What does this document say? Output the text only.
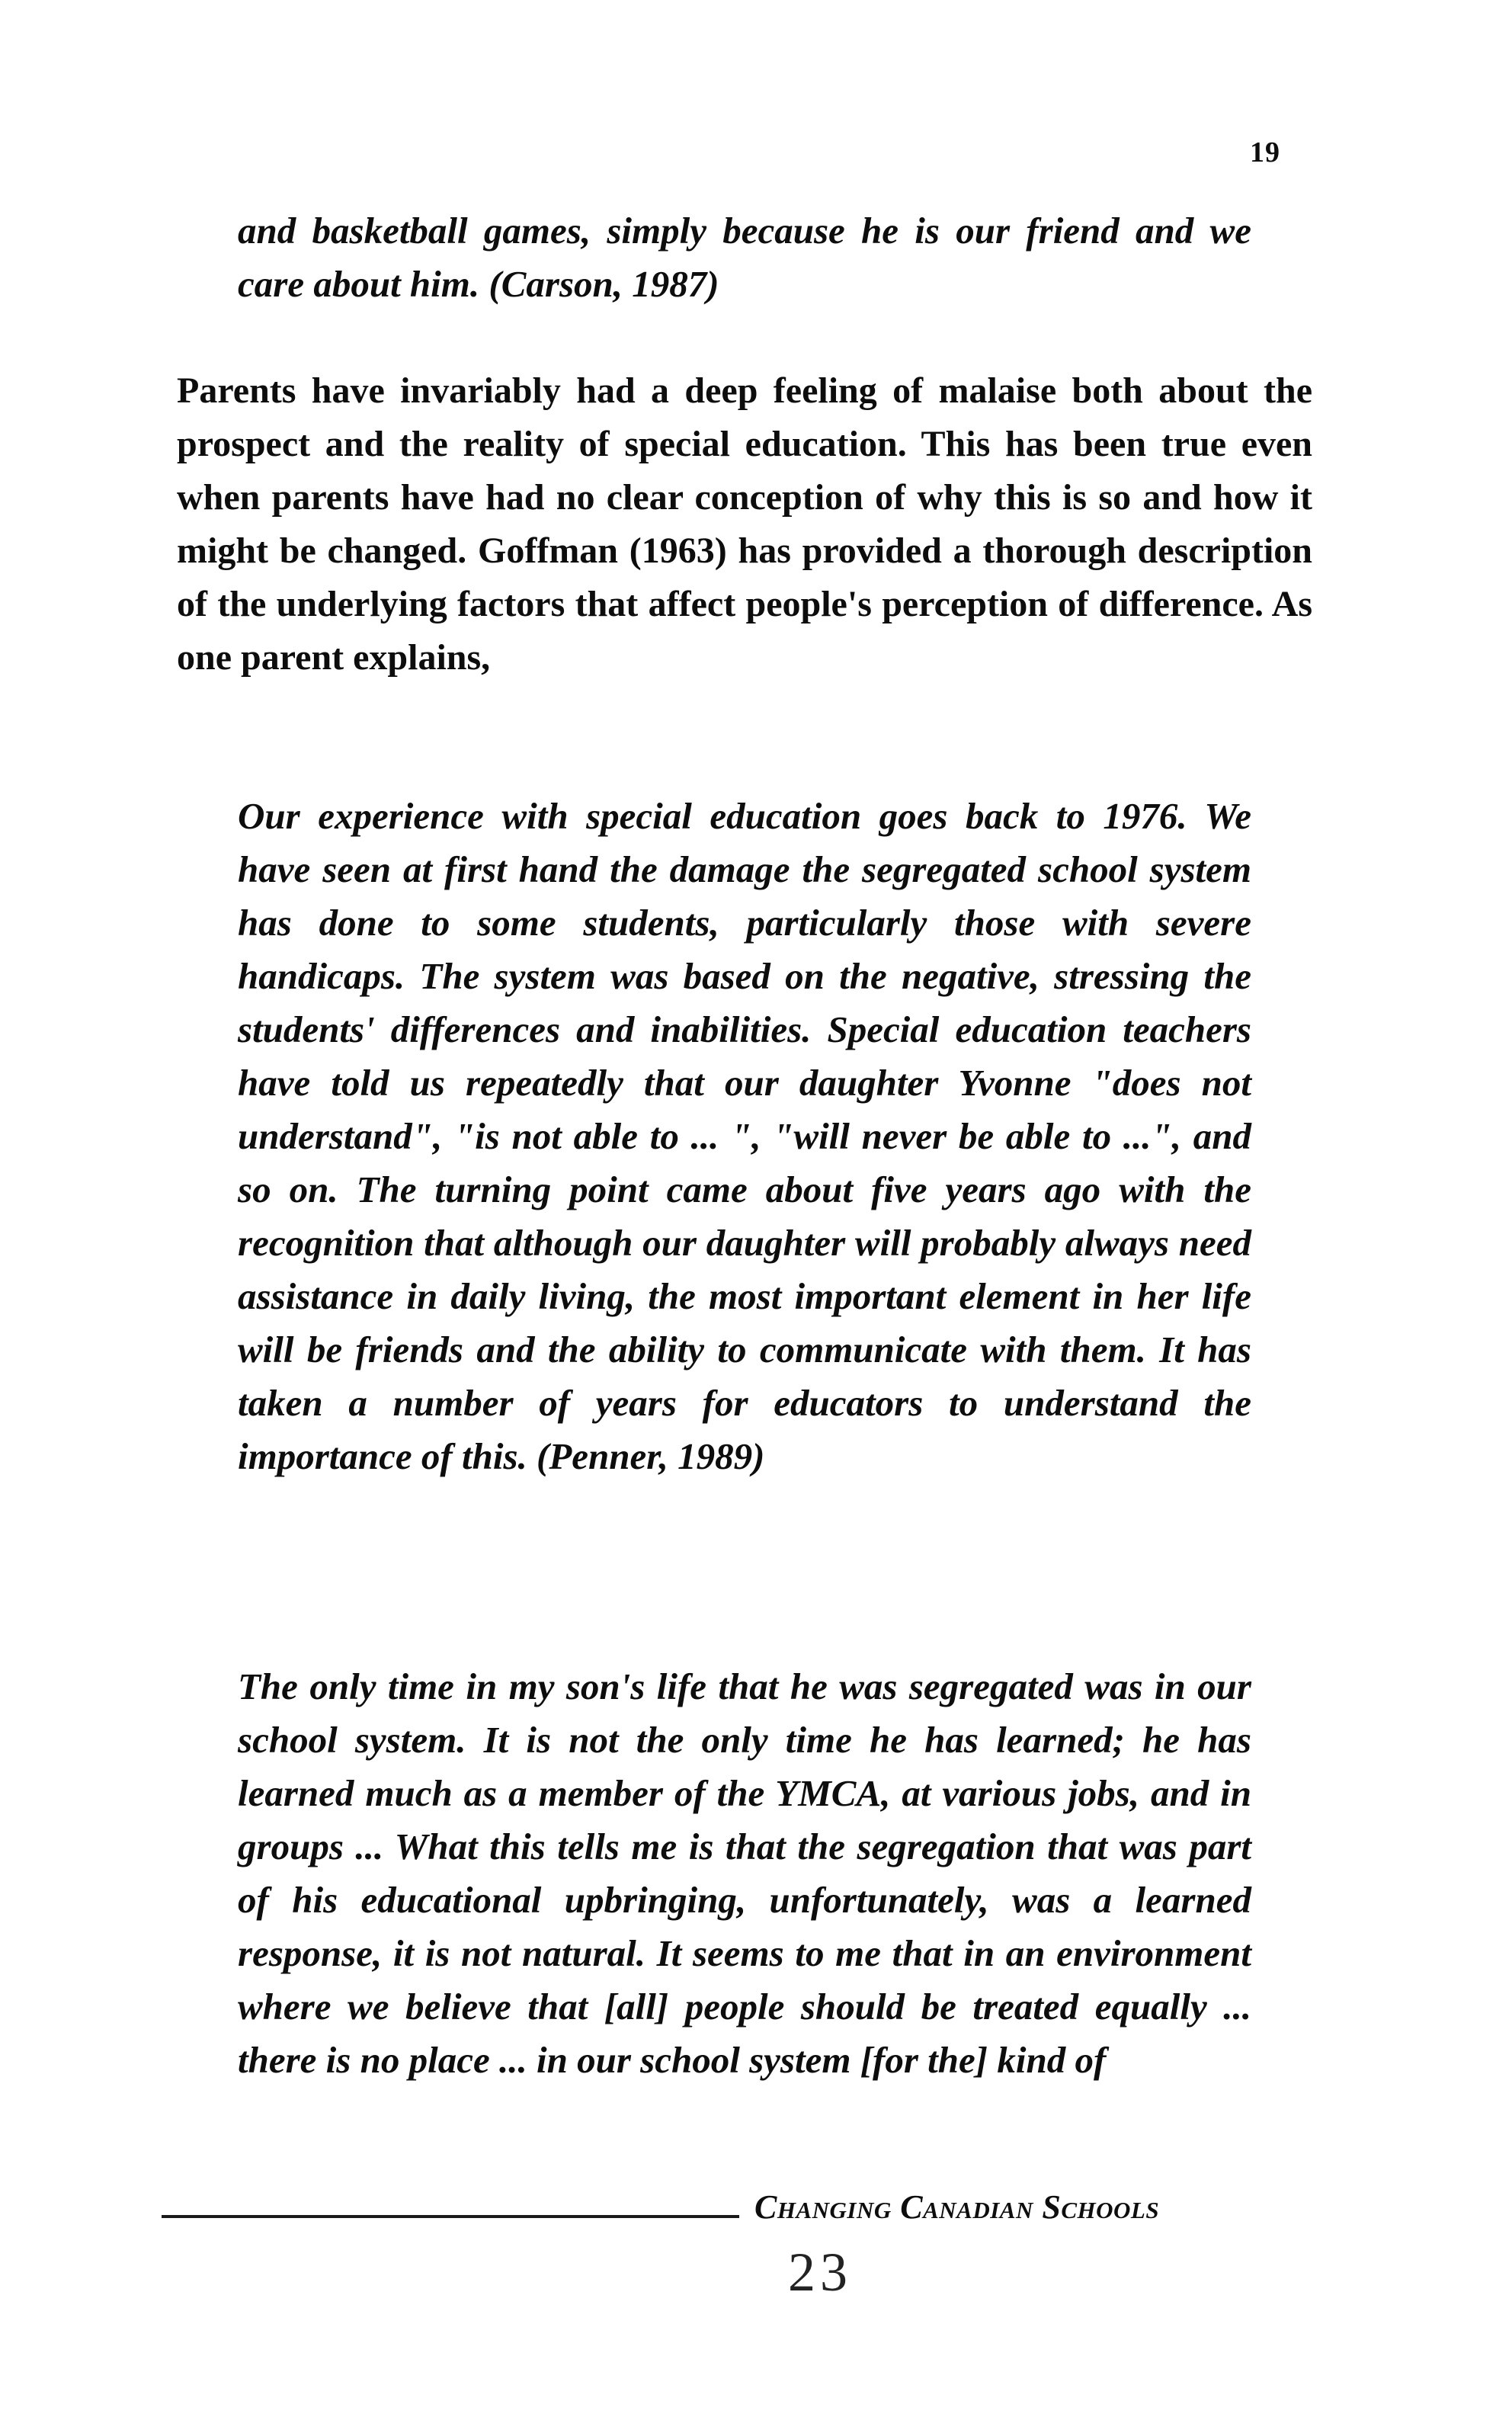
19

and basketball games, simply because he is our friend and we care about him. (Carson, 1987)

Parents have invariably had a deep feeling of malaise both about the prospect and the reality of special education. This has been true even when parents have had no clear conception of why this is so and how it might be changed. Goffman (1963) has provided a thorough description of the underlying factors that affect people's perception of difference. As one parent explains,

Our experience with special education goes back to 1976. We have seen at first hand the damage the segregated school system has done to some students, particularly those with severe handicaps. The system was based on the negative, stressing the students' differences and inabilities. Special education teachers have told us repeatedly that our daughter Yvonne "does not understand", "is not able to ... ", "will never be able to ...", and so on. The turning point came about five years ago with the recognition that although our daughter will probably always need assistance in daily living, the most important element in her life will be friends and the ability to communicate with them. It has taken a number of years for educators to understand the importance of this. (Penner, 1989)

The only time in my son's life that he was segregated was in our school system. It is not the only time he has learned; he has learned much as a member of the YMCA, at various jobs, and in groups ... What this tells me is that the segregation that was part of his educational upbringing, unfortunately, was a learned response, it is not natural. It seems to me that in an environment where we believe that [all] people should be treated equally ... there is no place ... in our school system [for the] kind of

Changing Canadian Schools
23
